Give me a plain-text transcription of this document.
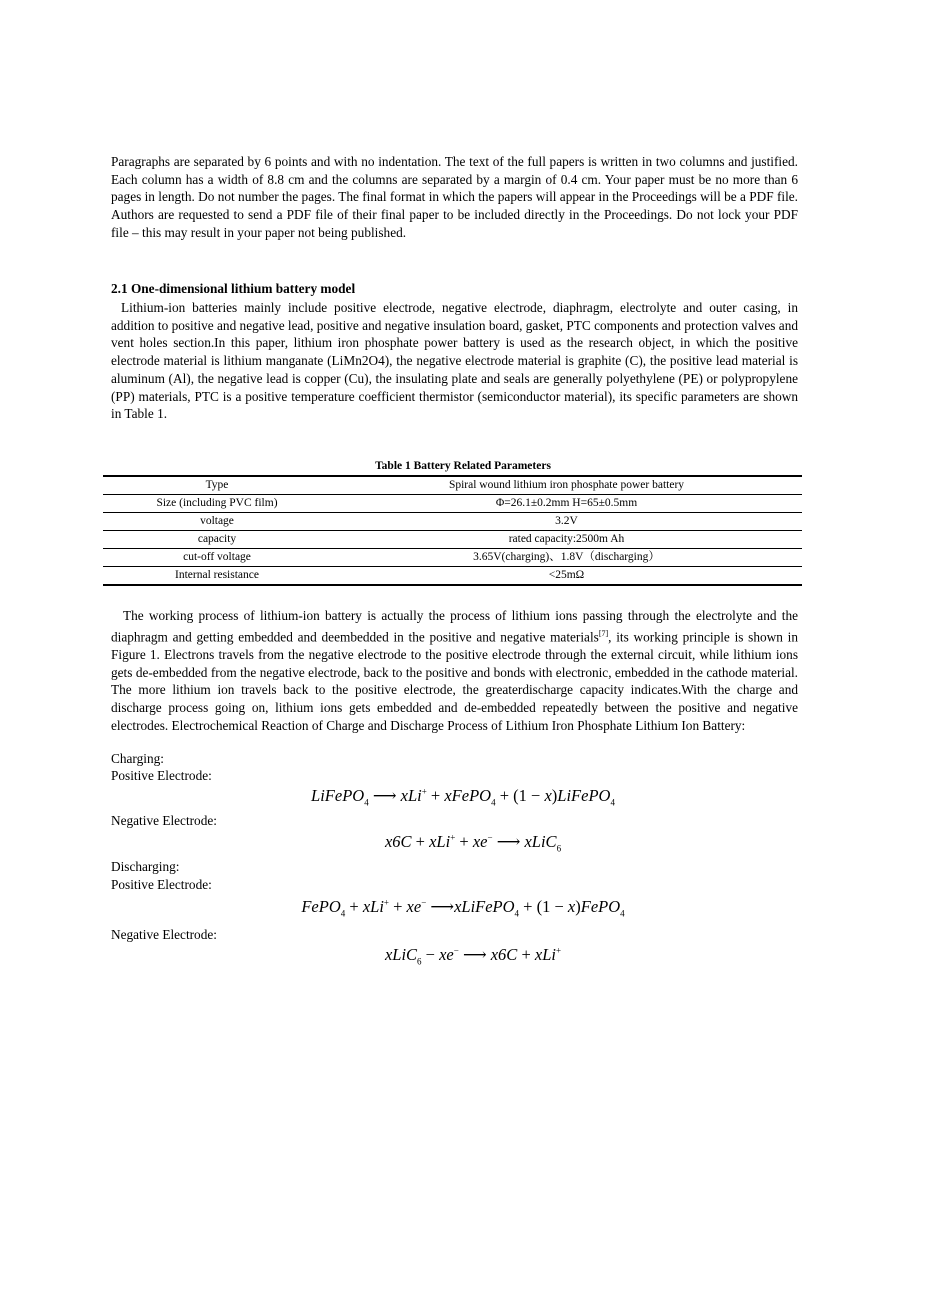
Paragraphs are separated by 6 points and with no indentation. The text of the full papers is written in two columns and justified. Each column has a width of 8.8 cm and the columns are separated by a margin of 0.4 cm. Your paper must be no more than 6 pages in length. Do not number the pages. The final format in which the papers will appear in the Proceedings will be a PDF file. Authors are requested to send a PDF file of their final paper to be included directly in the Proceedings. Do not lock your PDF file – this may result in your paper not being published.

2.1 One-dimensional lithium battery model

Lithium-ion batteries mainly include positive electrode, negative electrode, diaphragm, electrolyte and outer casing, in addition to positive and negative lead, positive and negative insulation board, gasket, PTC components and protection valves and vent holes section.In this paper, lithium iron phosphate power battery is used as the research object, in which the positive electrode material is lithium manganate (LiMn2O4), the negative electrode material is graphite (C), the positive lead material is aluminum (Al), the negative lead is copper (Cu), the insulating plate and seals are generally polyethylene (PE) or polypropylene (PP) materials, PTC is a positive temperature coefficient thermistor (semiconductor material), its specific parameters are shown in Table 1.

Table 1 Battery Related Parameters
Type	Spiral wound lithium iron phosphate power battery
Size (including PVC film)	Φ=26.1±0.2mm H=65±0.5mm
voltage	3.2V
capacity	rated capacity:2500m Ah
cut-off voltage	3.65V(charging)、1.8V（discharging）
Internal resistance	<25mΩ

The working process of lithium-ion battery is actually the process of lithium ions passing through the electrolyte and the diaphragm and getting embedded and deembedded in the positive and negative materials[7], its working principle is shown in Figure 1. Electrons travels from the negative electrode to the positive electrode through the external circuit, while lithium ions gets de-embedded from the negative electrode, back to the positive and bonds with electronic, embedded in the cathode material. The more lithium ion travels back to the positive electrode, the greaterdischarge capacity indicates.With the charge and discharge process going on, lithium ions gets embedded and de-embedded repeatedly between the positive and negative electrodes. Electrochemical Reaction of Charge and Discharge Process of Lithium Iron Phosphate Lithium Ion Battery:

Charging:
Positive Electrode:
LiFePO$_4$ ⟶ xLi+ + xFePO$_4$ + (1 − x)LiFePO$_4$
Negative Electrode:
x6C + xLi+ + xe− ⟶ xLiC$_6$
Discharging:
Positive Electrode:
FePO$_4$ + xLi+ + xe− ⟶xLiFePO$_4$ + (1 − x)FePO$_4$
Negative Electrode:
xLiC$_6$ − xe− ⟶ x6C + xLi+
